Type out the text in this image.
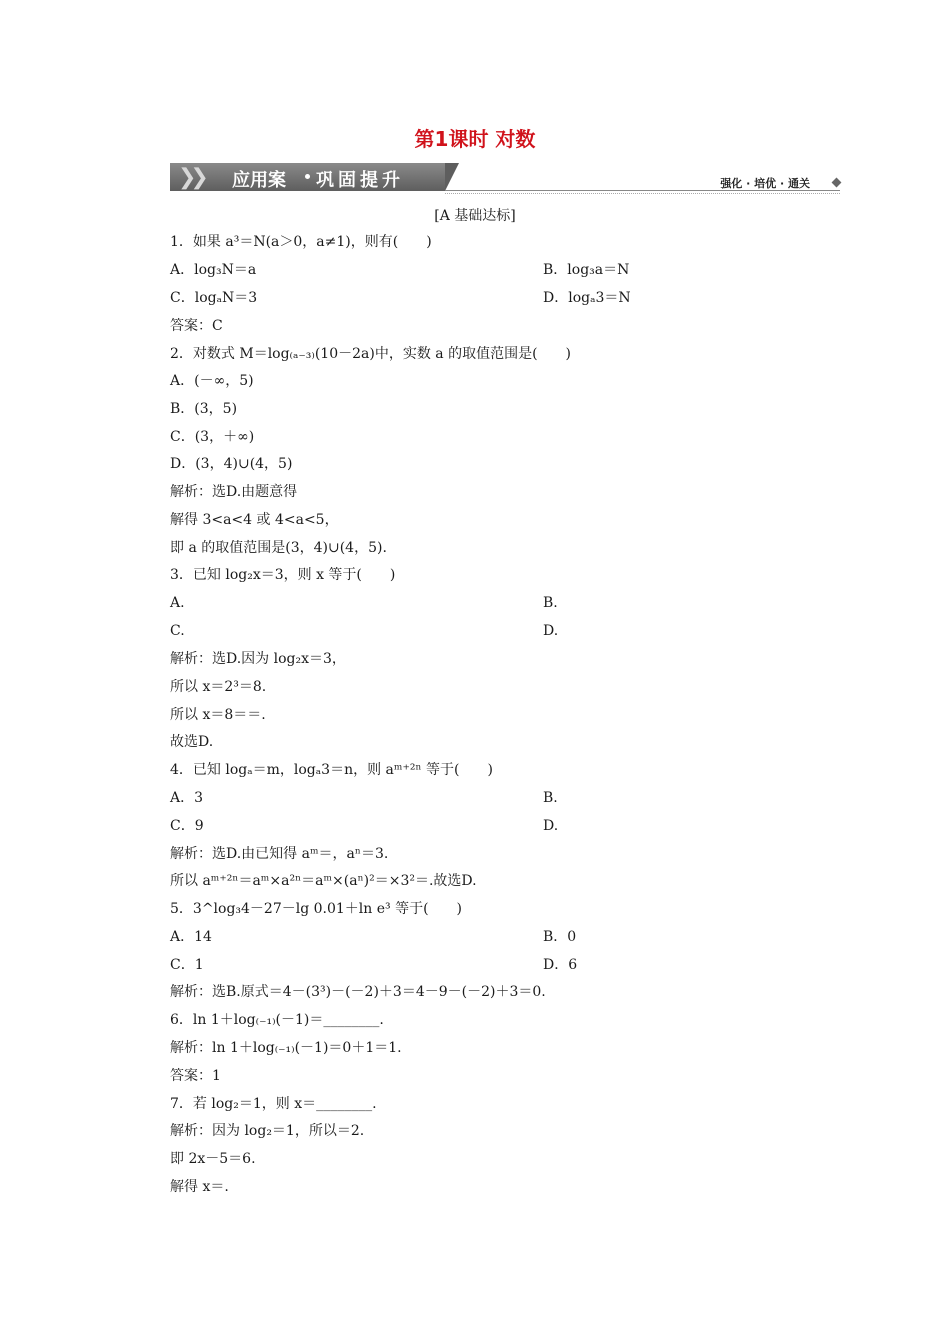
第1课时 对数
❯❯ 应用案 巩固提升	强化 · 培优 · 通关
[A 基础达标]
1．如果 a³＝N(a＞0，a≠1)，则有(　　)
A．log₃N＝a	B．log₃a＝N
C．logₐN＝3	D．logₐ3＝N
答案：C
2．对数式 M＝log₍ₐ₋₃₎(10－2a)中，实数 a 的取值范围是(　　)
A．(－∞，5)
B．(3，5)
C．(3，＋∞)
D．(3，4)∪(4，5)
解析：选D.由题意得
解得 3<a<4 或 4<a<5，
即 a 的取值范围是(3，4)∪(4，5).
3．已知 log₂x＝3，则 x 等于(　　)
A.	B.
C.	D.
解析：选D.因为 log₂x＝3，
所以 x＝2³＝8.
所以 x＝8＝＝.
故选D.
4．已知 logₐ＝m，logₐ3＝n，则 aᵐ⁺²ⁿ 等于(　　)
A．3	B.
C．9	D.
解析：选D.由已知得 aᵐ＝，aⁿ＝3.
所以 aᵐ⁺²ⁿ＝aᵐ×a²ⁿ＝aᵐ×(aⁿ)²＝×3²＝.故选D.
5．3^log₃4－27－lg 0.01＋ln e³ 等于(　　)
A．14	B．0
C．1	D．6
解析：选B.原式＝4－(3³)－(－2)＋3＝4－9－(－2)＋3＝0.
6．ln 1＋log₍₋₁₎(－1)＝________.
解析：ln 1＋log₍₋₁₎(－1)＝0＋1＝1.
答案：1
7．若 log₂＝1，则 x＝________.
解析：因为 log₂＝1，所以＝2.
即 2x－5＝6.
解得 x＝.
